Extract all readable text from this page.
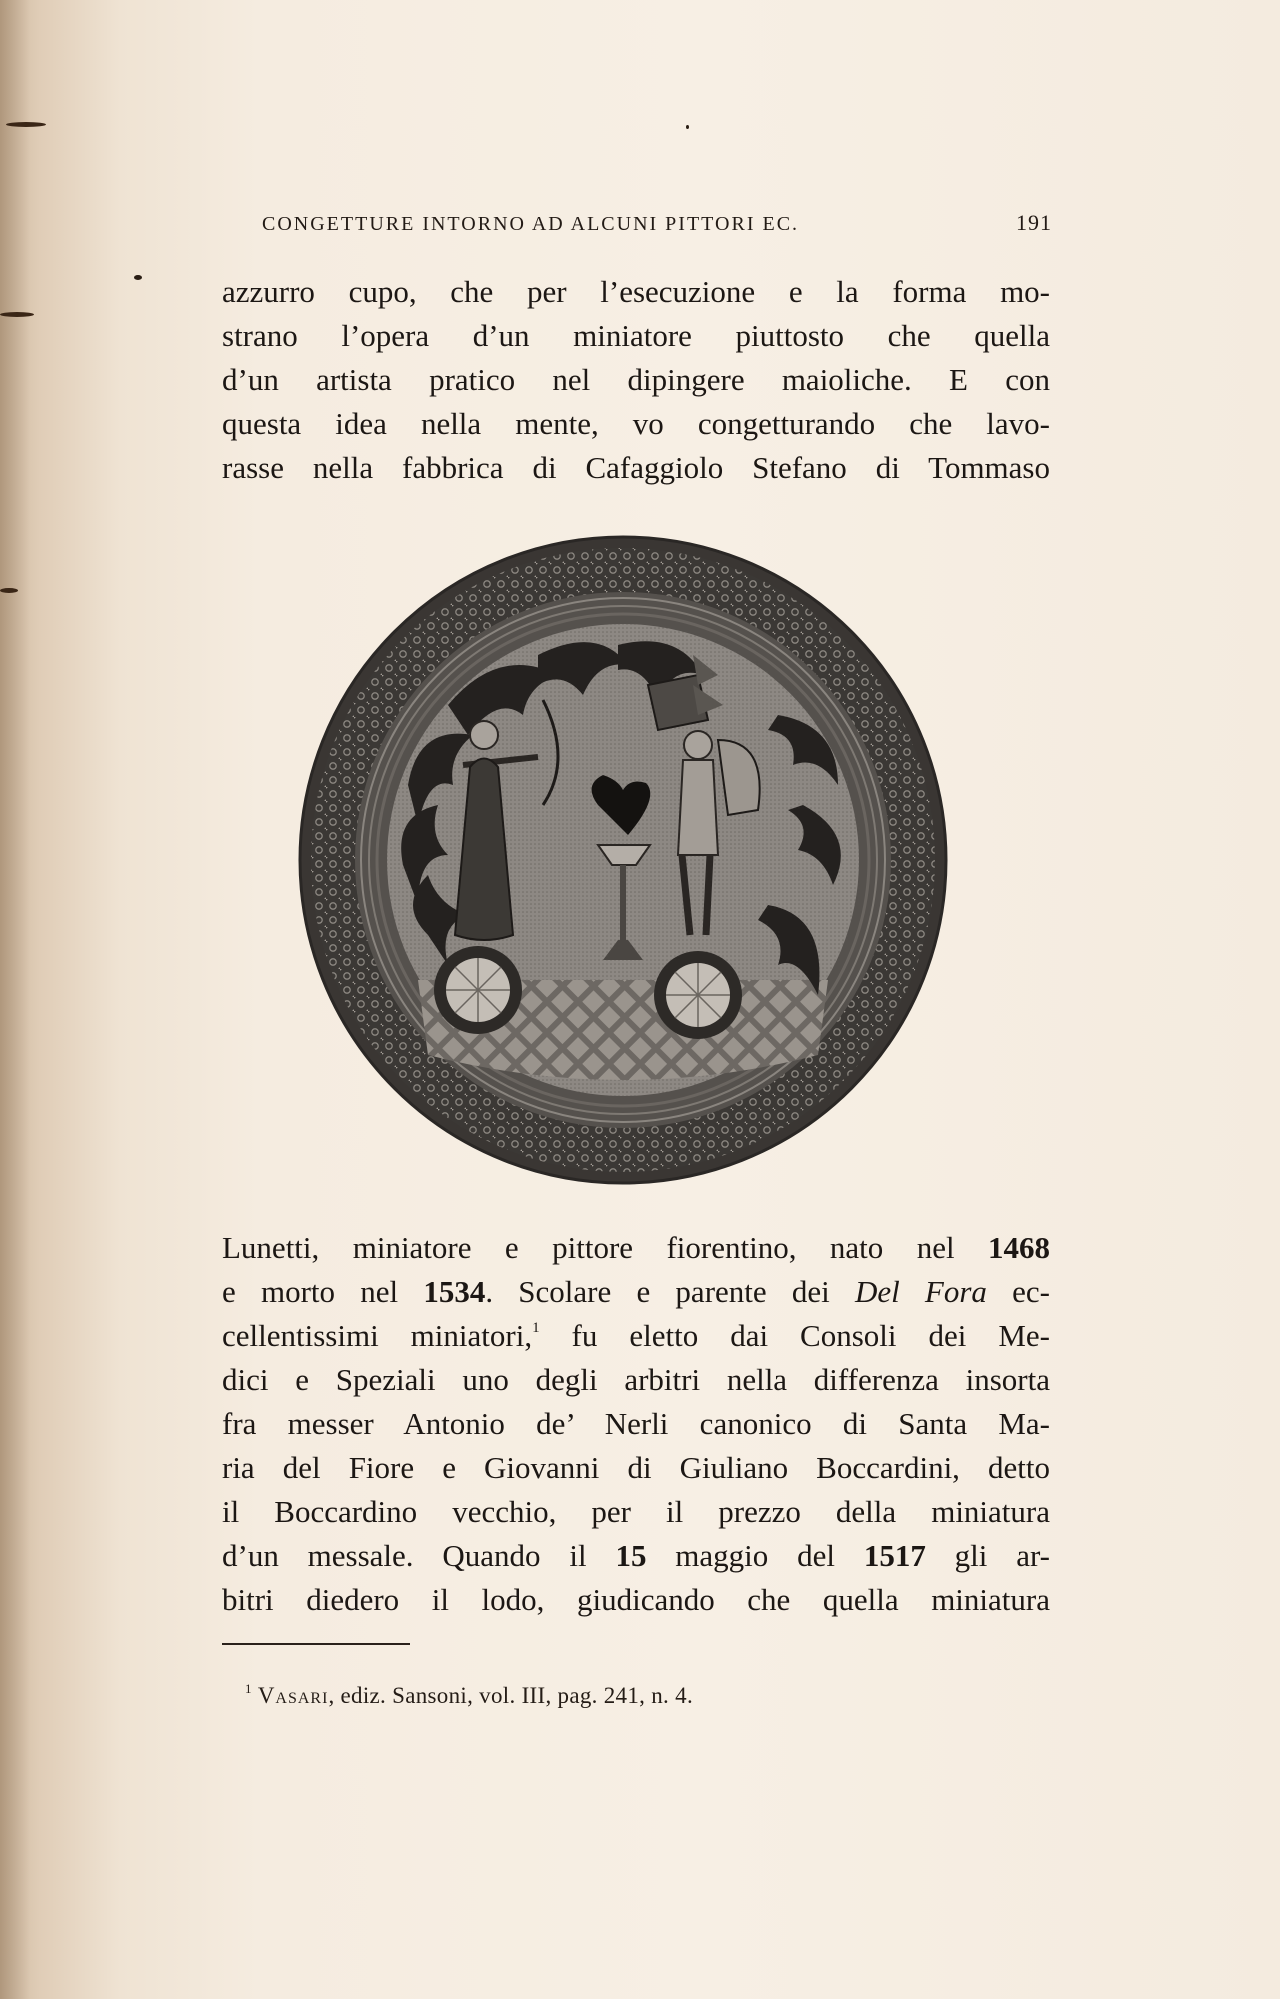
CONGETTURE INTORNO AD ALCUNI PITTORI EC.	191
azzurro cupo, che per l’esecuzione e la forma mo-
strano l’opera d’un miniatore piuttosto che quella
d’un artista pratico nel dipingere maioliche. E con
questa idea nella mente, vo congetturando che lavo-
rasse nella fabbrica di Cafaggiolo Stefano di Tommaso
Lunetti, miniatore e pittore fiorentino, nato nel 1468
e morto nel 1534. Scolare e parente dei Del Fora ec-
cellentissimi miniatori,$^1$ fu eletto dai Consoli dei Me-
dici e Speziali uno degli arbitri nella differenza insorta
fra messer Antonio de’ Nerli canonico di Santa Ma-
ria del Fiore e Giovanni di Giuliano Boccardini, detto
il Boccardino vecchio, per il prezzo della miniatura
d’un messale. Quando il 15 maggio del 1517 gli ar-
bitri diedero il lodo, giudicando che quella miniatura
$^1$ Vasari, ediz. Sansoni, vol. III, pag. 241, n. 4.
